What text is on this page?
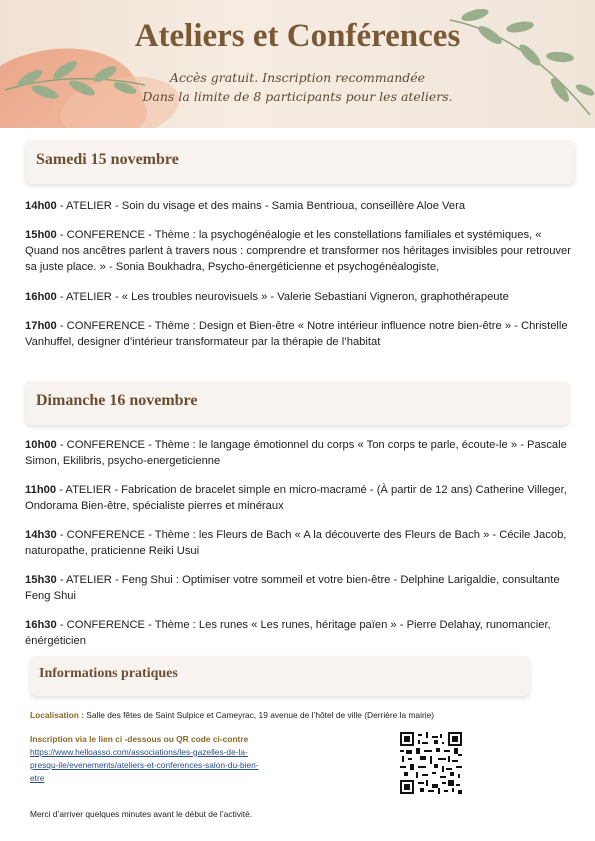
Ateliers et Conférences
Accès gratuit. Inscription recommandée
Dans la limite de 8 participants pour les ateliers.
Samedi 15 novembre
14h00 - ATELIER - Soin du visage et des mains - Samia Bentrioua, conseillère Aloe Vera
15h00 - CONFERENCE - Thème : la psychogénéalogie et les constellations familiales et systémiques, « Quand nos ancêtres parlent à travers nous : comprendre et transformer nos héritages invisibles pour retrouver sa juste place. » - Sonia Boukhadra, Psycho-énergéticienne et psychogénéalogiste,
16h00 - ATELIER - « Les troubles neurovisuels » - Valerie Sebastiani Vigneron, graphothérapeute
17h00 - CONFERENCE - Thème : Design et Bien-être « Notre intérieur influence notre bien-être » - Christelle Vanhuffel, designer d’intérieur transformateur par la thérapie de l’habitat
Dimanche 16 novembre
10h00 - CONFERENCE - Thème : le langage émotionnel du corps « Ton corps te parle, écoute-le » - Pascale Simon, Ekilibris, psycho-energeticienne
11h00 - ATELIER - Fabrication de bracelet simple en micro-macramé - (À partir de 12 ans) Catherine Villeger, Ondorama Bien-être, spécialiste pierres et minéraux
14h30 - CONFERENCE - Thème : les Fleurs de Bach « A la découverte des Fleurs de Bach » - Cécile Jacob, naturopathe, praticienne Reiki Usui
15h30 - ATELIER - Feng Shui : Optimiser votre sommeil et votre bien-être - Delphine Larigaldie, consultante Feng Shui
16h30 - CONFERENCE - Thème : Les runes « Les runes, héritage païen » - Pierre Delahay, runomancier, énérgéticien
Informations pratiques
Localisation : Salle des fêtes de Saint Sulpice et Cameyrac, 19 avenue de l’hôtel de ville (Derrière la mairie)
Inscription via le lien ci -dessous ou QR code ci-contre
https://www.helloasso.com/associations/les-gazelles-de-la-
presqu-ile/evenements/ateliers-et-conferences-salon-du-bien-
etre
Merci d’arriver quelques minutes avant le début de l’activité.
